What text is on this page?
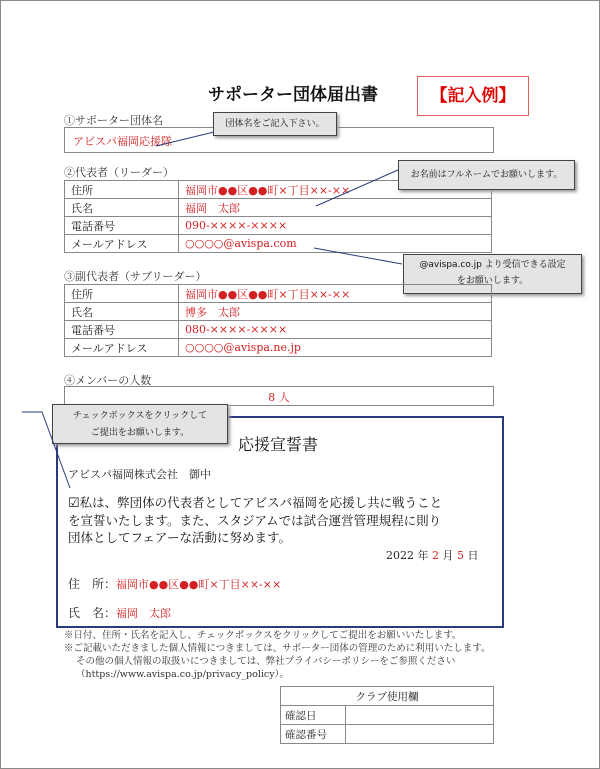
サポーター団体届出書	【記入例】
①サポーター団体名
アビスパ福岡応援隊
団体名をご記入下さい。
②代表者（リーダー）
住所	福岡市●●区●●町×丁目××-××
氏名	福岡　太郎
電話番号	090-××××-××××
メールアドレス	○○○○@avispa.com
お名前はフルネームでお願いします。
@avispa.co.jp より受信できる設定
をお願いします。
③副代表者（サブリーダー）
住所	福岡市●●区●●町×丁目××-××
氏名	博多　太郎
電話番号	080-××××-××××
メールアドレス	○○○○@avispa.ne.jp
④メンバーの人数
8 人
応援宣誓書
アビスパ福岡株式会社　御中
☑私は、弊団体の代表者としてアビスパ福岡を応援し共に戦うこと
を宣誓いたします。また、スタジアムでは試合運営管理規程に則り
団体としてフェアーな活動に努めます。
2022 年 2 月 5 日
住　所：福岡市●●区●●町×丁目××-××
氏　名：福岡　太郎
チェックボックスをクリックして
ご提出をお願いします。
※日付、住所・氏名を記入し、チェックボックスをクリックしてご提出をお願いいたします。
※ご記載いただきました個人情報につきましては、サポーター団体の管理のために利用いたします。
その他の個人情報の取扱いにつきましては、弊社プライバシーポリシーをご参照ください
（https://www.avispa.co.jp/privacy_policy）。
クラブ使用欄	
確認日	
確認番号	
